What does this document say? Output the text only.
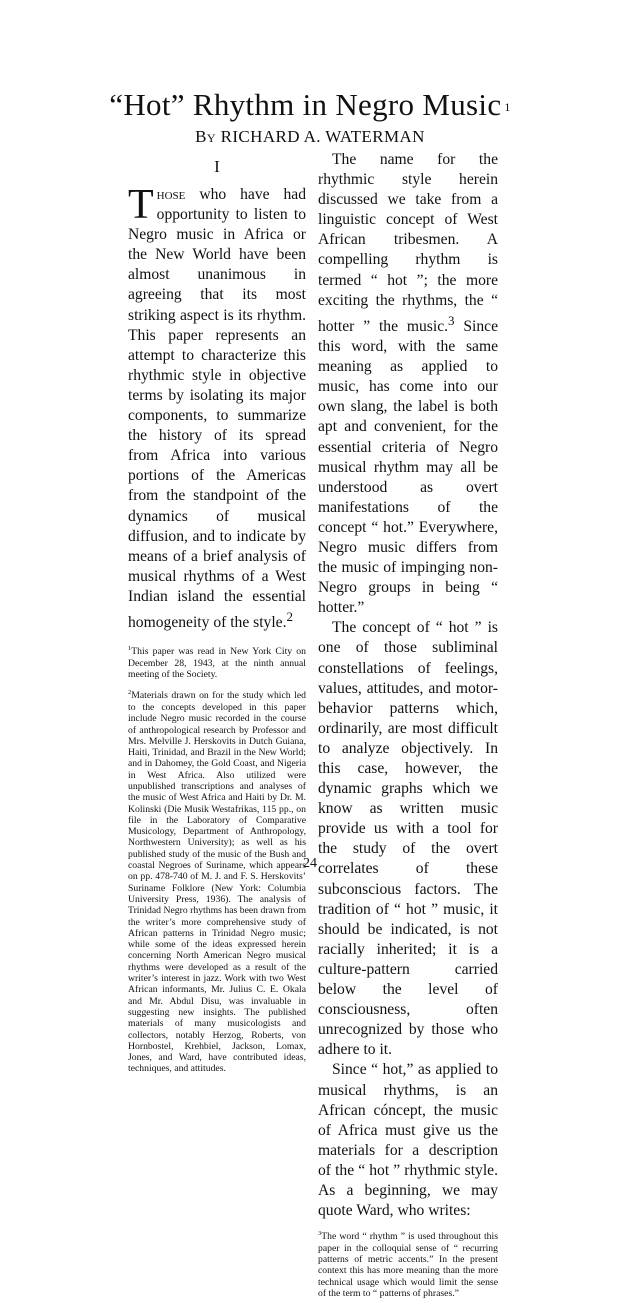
“Hot” Rhythm in Negro Music $^1$
By RICHARD A. WATERMAN
I

Those who have had opportunity to listen to Negro music in Africa or the New World have been almost unanimous in agreeing that its most striking aspect is its rhythm. This paper represents an attempt to characterize this rhythmic style in objective terms by isolating its major components, to summarize the history of its spread from Africa into various portions of the Americas from the standpoint of the dynamics of musical diffusion, and to indicate by means of a brief analysis of musical rhythms of a West Indian island the essential homogeneity of the style.$^2$

$^1$This paper was read in New York City on December 28, 1943, at the ninth annual meeting of the Society.

$^2$Materials drawn on for the study which led to the concepts developed in this paper include Negro music recorded in the course of anthropological research by Professor and Mrs. Melville J. Herskovits in Dutch Guiana, Haiti, Trinidad, and Brazil in the New World; and in Dahomey, the Gold Coast, and Nigeria in West Africa. Also utilized were unpublished transcriptions and analyses of the music of West Africa and Haiti by Dr. M. Kolinski (Die Musik Westafrikas, 115 pp., on file in the Laboratory of Comparative Musicology, Department of Anthropology, Northwestern University); as well as his published study of the music of the Bush and coastal Negroes of Suriname, which appears on pp. 478-740 of M. J. and F. S. Herskovits’ Suriname Folklore (New York: Columbia University Press, 1936). The analysis of Trinidad Negro rhythms has been drawn from the writer’s more comprehensive study of African patterns in Trinidad Negro music; while some of the ideas expressed herein concerning North American Negro musical rhythms were developed as a result of the writer’s interest in jazz. Work with two West African informants, Mr. Julius C. E. Okala and Mr. Abdul Disu, was invaluable in suggesting new insights. The published materials of many musicologists and collectors, notably Herzog, Roberts, von Hornbostel, Krehbiel, Jackson, Lomax, Jones, and Ward, have contributed ideas, techniques, and attitudes.

The name for the rhythmic style herein discussed we take from a linguistic concept of West African tribesmen. A compelling rhythm is termed “ hot ”; the more exciting the rhythms, the “ hotter ” the music.$^3$ Since this word, with the same meaning as applied to music, has come into our own slang, the label is both apt and convenient, for the essential criteria of Negro musical rhythm may all be understood as overt manifestations of the concept “ hot.” Everywhere, Negro music differs from the music of impinging non-Negro groups in being “ hotter.”

The concept of “ hot ” is one of those subliminal constellations of feelings, values, attitudes, and motor-behavior patterns which, ordinarily, are most difficult to analyze objectively. In this case, however, the dynamic graphs which we know as written music provide us with a tool for the study of the overt correlates of these subconscious factors. The tradition of “ hot ” music, it should be indicated, is not racially inherited; it is a culture-pattern carried below the level of consciousness, often unrecognized by those who adhere to it.

Since “ hot,” as applied to musical rhythms, is an African cóncept, the music of Africa must give us the materials for a description of the “ hot ” rhythmic style. As a beginning, we may quote Ward, who writes:

$^3$The word “ rhythm ” is used throughout this paper in the colloquial sense of “ recurring patterns of metric accents.” In the present context this has more meaning than the more technical usage which would limit the sense of the term to “ patterns of phrases.”
24
